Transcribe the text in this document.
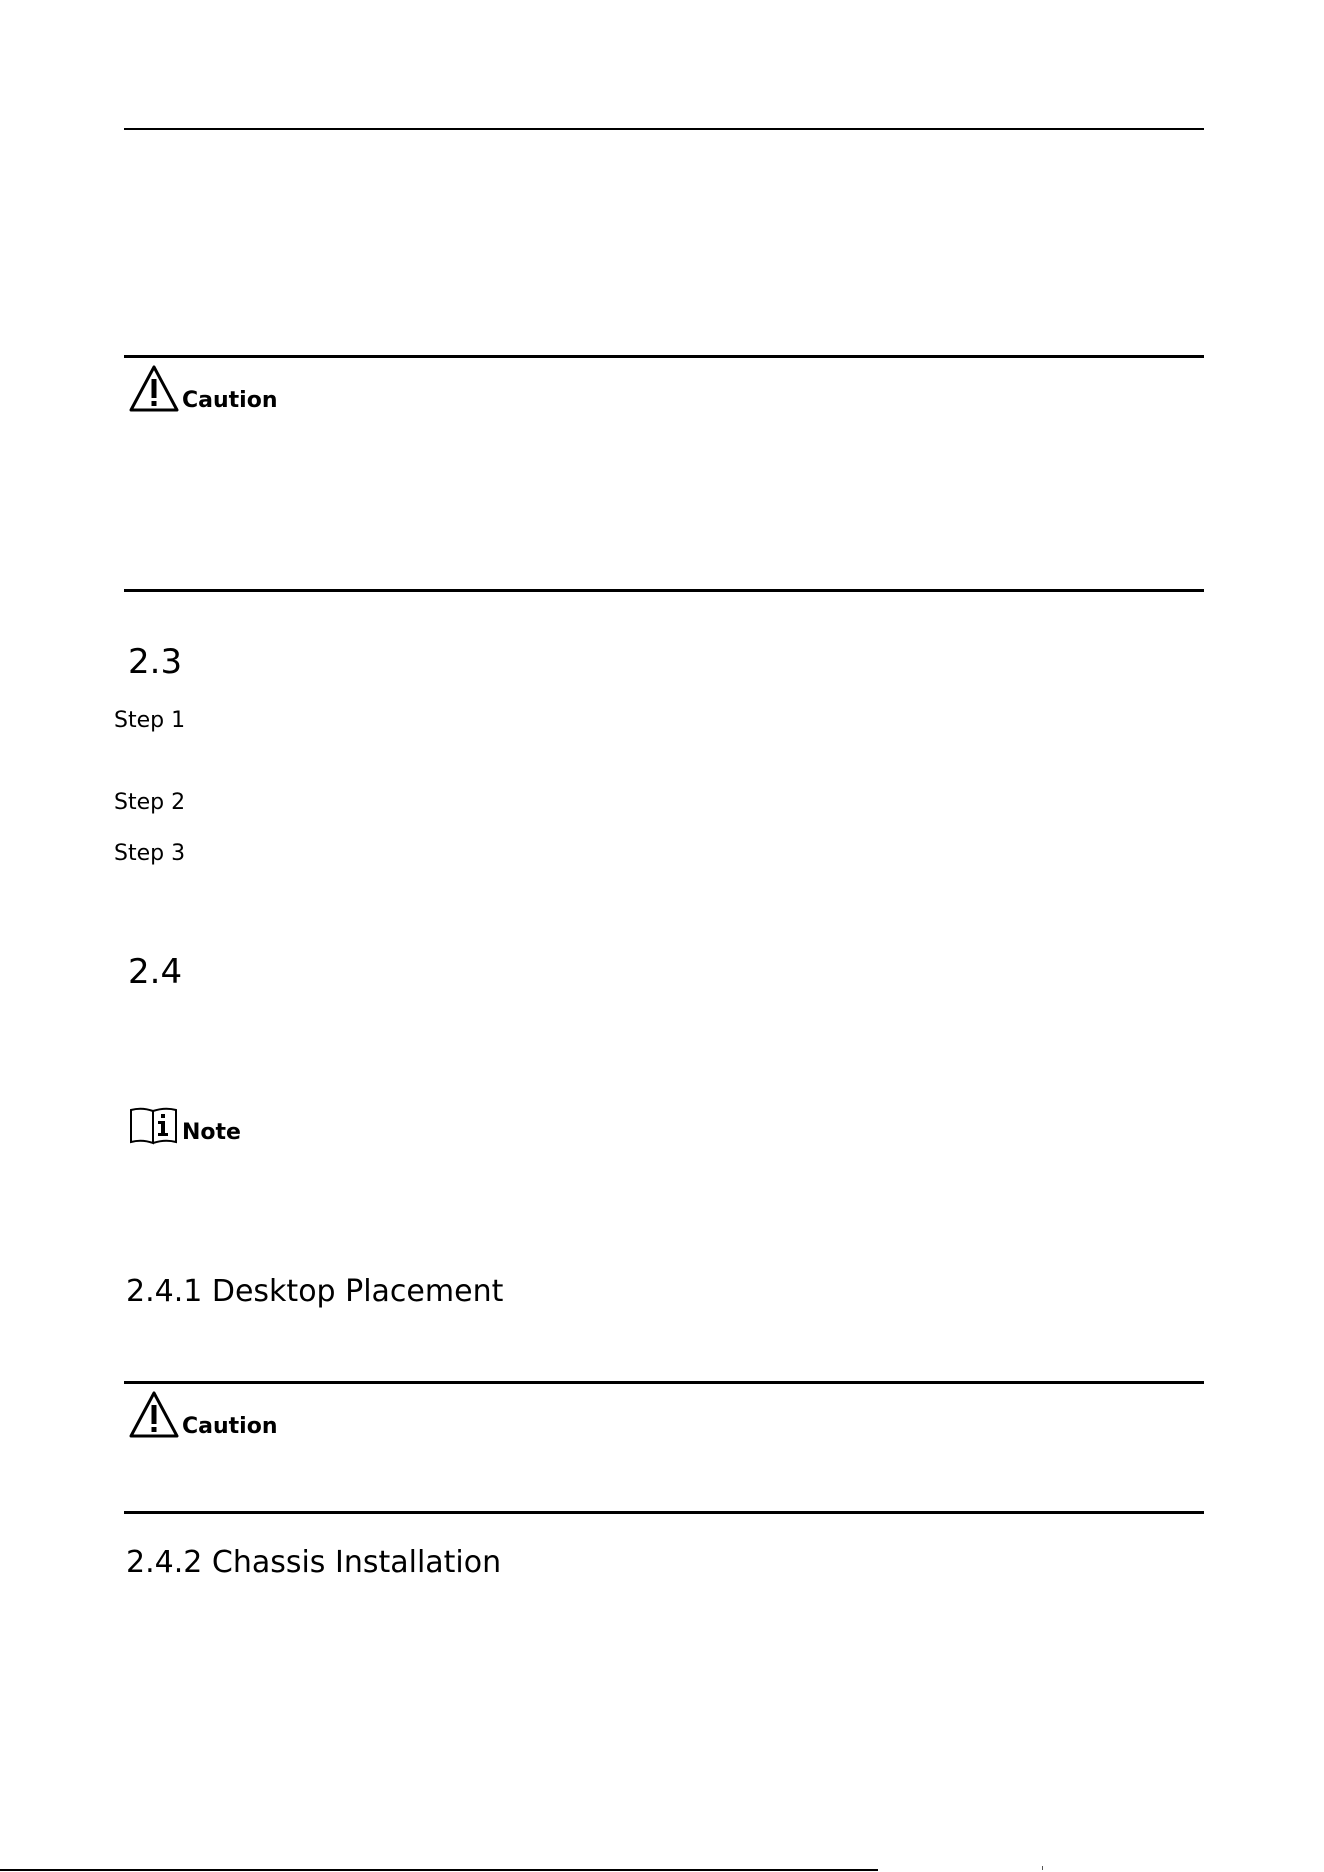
Caution
2.3
Step 1
Step 2
Step 3
2.4
Note
2.4.1 Desktop Placement
Caution
2.4.2 Chassis Installation
